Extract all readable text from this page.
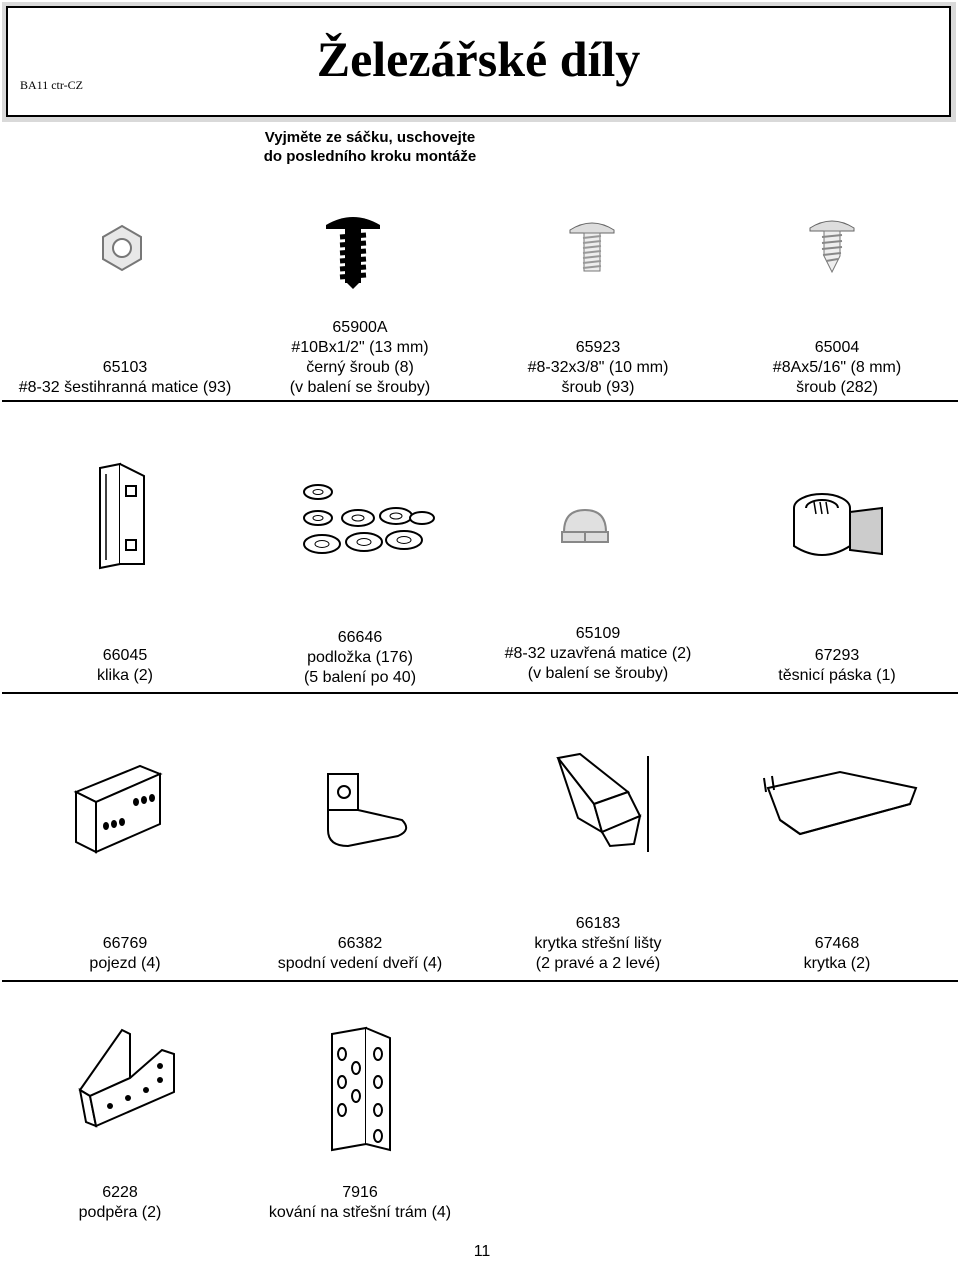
BA11 ctr-CZ	Železářské díly
Vyjměte ze sáčku, uschovejte
do posledního kroku montáže
65103
#8-32 šestihranná matice (93)
65900A
#10Bx1/2" (13 mm)
černý šroub (8)
(v balení se šrouby)
65923
#8-32x3/8" (10 mm)
šroub (93)
65004
#8Ax5/16" (8 mm)
šroub (282)
66045
klika (2)
66646
podložka (176)
(5 balení po 40)
65109
#8-32 uzavřená matice (2)
(v balení se šrouby)
67293
těsnicí páska (1)
66769
pojezd (4)
66382
spodní vedení dveří (4)
66183
krytka střešní lišty
(2 pravé a 2 levé)
67468
krytka (2)
6228
podpěra (2)
7916
kování na střešní trám (4)
11
